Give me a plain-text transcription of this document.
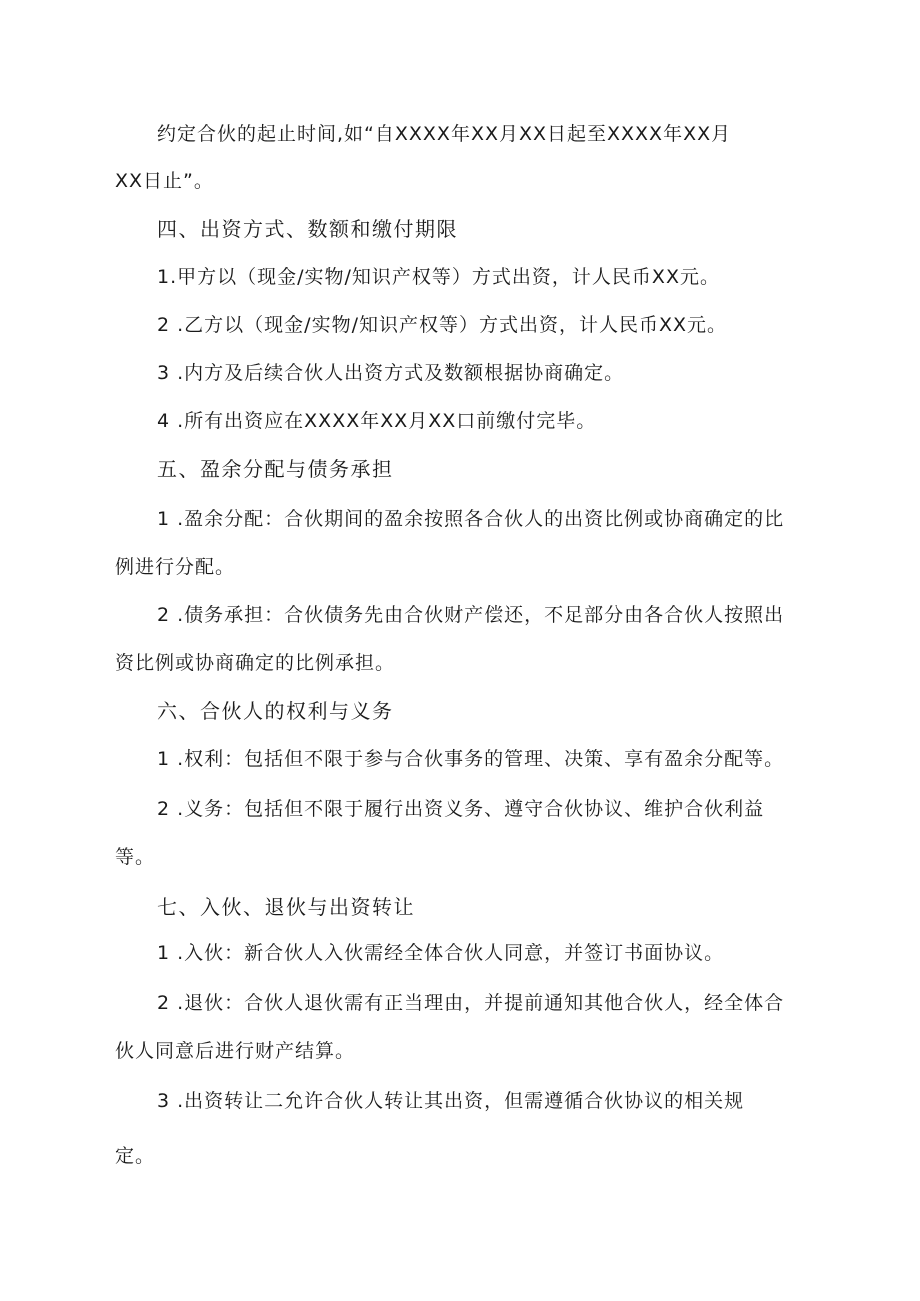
约定合伙的起止时间,如“自XXXX年XX月XX日起至XXXX年XX月
XX日止”。
四、出资方式、数额和缴付期限
1.甲方以（现金/实物/知识产权等）方式出资，计人民币XX元。
2 .乙方以（现金/实物/知识产权等）方式出资，计人民币XX元。
3 .内方及后续合伙人出资方式及数额根据协商确定。
4 .所有出资应在XXXX年XX月XX口前缴付完毕。
五、盈余分配与债务承担
1 .盈余分配：合伙期间的盈余按照各合伙人的出资比例或协商确定的比
例进行分配。
2 .债务承担：合伙债务先由合伙财产偿还，不足部分由各合伙人按照出
资比例或协商确定的比例承担。
六、合伙人的权利与义务
1 .权利：包括但不限于参与合伙事务的管理、决策、享有盈余分配等。
2 .义务：包括但不限于履行出资义务、遵守合伙协议、维护合伙利益
等。
七、入伙、退伙与出资转让
1 .入伙：新合伙人入伙需经全体合伙人同意，并签订书面协议。
2 .退伙：合伙人退伙需有正当理由，并提前通知其他合伙人，经全体合
伙人同意后进行财产结算。
3 .出资转让二允许合伙人转让其出资，但需遵循合伙协议的相关规
定。
